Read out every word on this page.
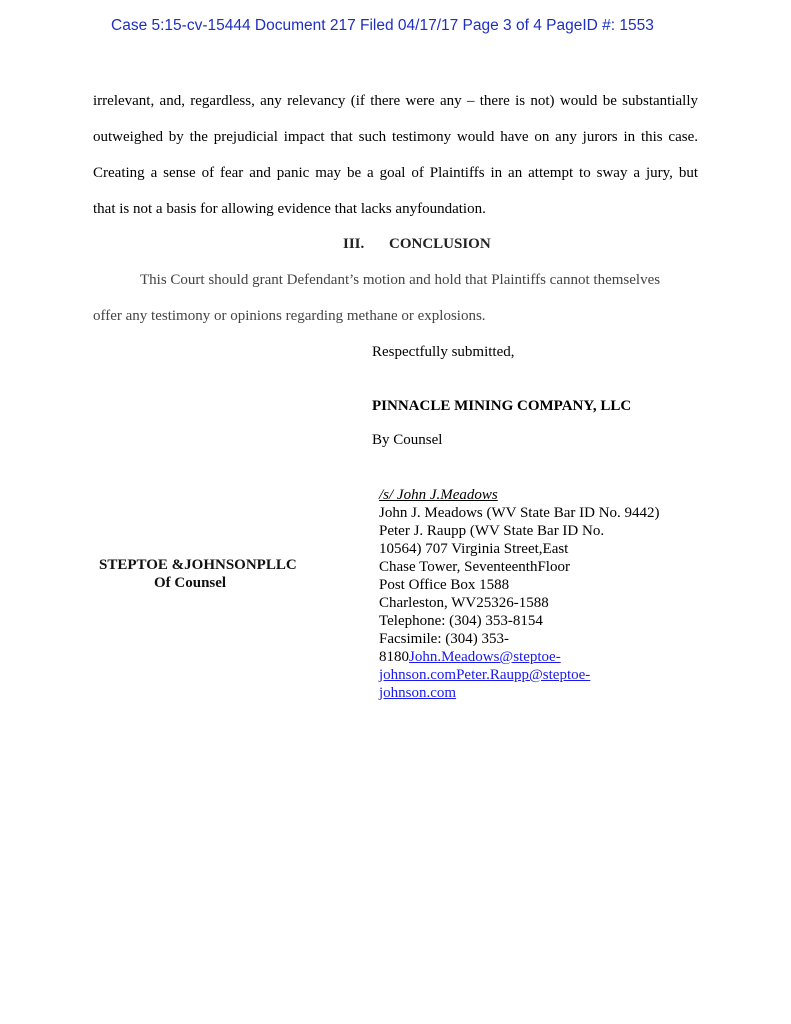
Case 5:15-cv-15444 Document 217 Filed 04/17/17 Page 3 of 4 PageID #: 1553
irrelevant, and, regardless, any relevancy (if there were any – there is not) would be substantially
outweighed by the prejudicial impact that such testimony would have on any jurors in this case.
Creating a sense of fear and panic may be a goal of Plaintiffs in an attempt to sway a jury, but
that is not a basis for allowing evidence that lacks anyfoundation.
III. CONCLUSION
This Court should grant Defendant’s motion and hold that Plaintiffs cannot themselves
offer any testimony or opinions regarding methane or explosions.
Respectfully submitted,
PINNACLE MINING COMPANY, LLC
By Counsel
/s/ John J.Meadows
John J. Meadows (WV State Bar ID No. 9442)
Peter J. Raupp (WV State Bar ID No.
10564) 707 Virginia Street,East
Chase Tower, SeventeenthFloor
Post Office Box 1588
Charleston, WV25326-1588
Telephone: (304) 353-8154
Facsimile: (304) 353-
8180John.Meadows@steptoe-
johnson.comPeter.Raupp@steptoe-
johnson.com
STEPTOE &JOHNSONPLLC
Of Counsel
